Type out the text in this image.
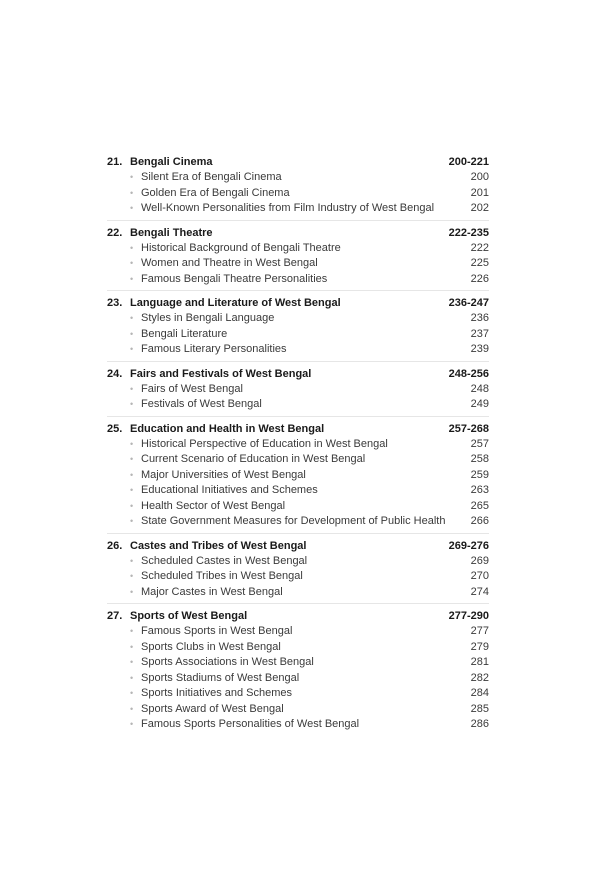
21. Bengali Cinema	200-221
• Silent Era of Bengali Cinema	200
• Golden Era of Bengali Cinema	201
• Well-Known Personalities from Film Industry of West Bengal	202
22. Bengali Theatre	222-235
• Historical Background of Bengali Theatre	222
• Women and Theatre in West Bengal	225
• Famous Bengali Theatre Personalities	226
23. Language and Literature of West Bengal	236-247
• Styles in Bengali Language	236
• Bengali Literature	237
• Famous Literary Personalities	239
24. Fairs and Festivals of West Bengal	248-256
• Fairs of West Bengal	248
• Festivals of West Bengal	249
25. Education and Health in West Bengal	257-268
• Historical Perspective of Education in West Bengal	257
• Current Scenario of Education in West Bengal	258
• Major Universities of West Bengal	259
• Educational Initiatives and Schemes	263
• Health Sector of West Bengal	265
• State Government Measures for Development of Public Health	266
26. Castes and Tribes of West Bengal	269-276
• Scheduled Castes in West Bengal	269
• Scheduled Tribes in West Bengal	270
• Major Castes in West Bengal	274
27. Sports of West Bengal	277-290
• Famous Sports in West Bengal	277
• Sports Clubs in West Bengal	279
• Sports Associations in West Bengal	281
• Sports Stadiums of West Bengal	282
• Sports Initiatives and Schemes	284
• Sports Award of West Bengal	285
• Famous Sports Personalities of West Bengal	286
